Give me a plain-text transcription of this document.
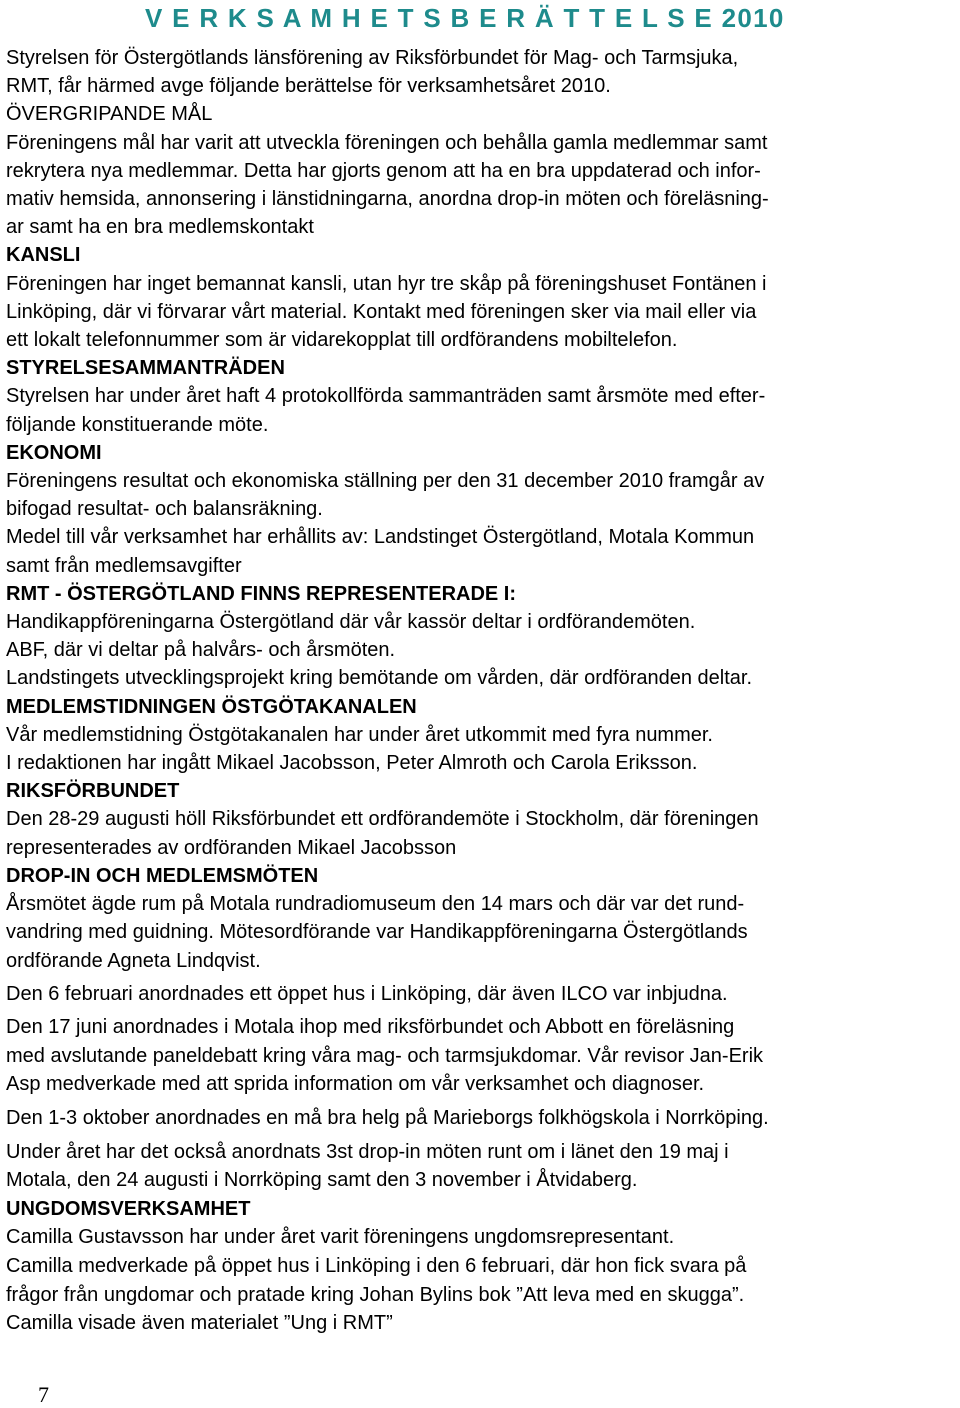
V E R K S A M H E T S B E R Ä T T E L S E 2010
Styrelsen för Östergötlands länsförening av Riksförbundet för Mag- och Tarmsjuka,
RMT, får härmed avge följande berättelse för verksamhetsåret 2010.
ÖVERGRIPANDE MÅL
Föreningens mål har varit att utveckla föreningen och behålla gamla medlemmar samt
rekrytera nya medlemmar. Detta har gjorts genom att ha en bra uppdaterad och infor-
mativ hemsida, annonsering i länstidningarna, anordna drop-in möten och föreläsning-
ar samt ha en bra medlemskontakt
KANSLI
Föreningen har inget bemannat kansli, utan hyr tre skåp på föreningshuset Fontänen i
Linköping, där vi förvarar vårt material. Kontakt med föreningen sker via mail eller via
ett lokalt telefonnummer som är vidarekopplat till ordförandens mobiltelefon.
STYRELSESAMMANTRÄDEN
Styrelsen har under året haft 4 protokollförda sammanträden samt årsmöte med efter-
följande konstituerande möte.
EKONOMI
Föreningens resultat och ekonomiska ställning per den 31 december 2010 framgår av
bifogad resultat- och balansräkning.
Medel till vår verksamhet har erhållits av: Landstinget Östergötland, Motala Kommun
samt från medlemsavgifter
RMT - ÖSTERGÖTLAND FINNS REPRESENTERADE I:
Handikappföreningarna Östergötland där vår kassör deltar i ordförandemöten.
ABF, där vi deltar på halvårs- och årsmöten.
Landstingets utvecklingsprojekt kring bemötande om vården, där ordföranden deltar.
MEDLEMSTIDNINGEN ÖSTGÖTAKANALEN
Vår medlemstidning Östgötakanalen har under året utkommit med fyra nummer.
I redaktionen har ingått Mikael Jacobsson, Peter Almroth och Carola Eriksson.
RIKSFÖRBUNDET
Den 28-29 augusti höll Riksförbundet ett ordförandemöte i Stockholm, där föreningen
representerades av ordföranden Mikael Jacobsson
DROP-IN OCH MEDLEMSMÖTEN
Årsmötet ägde rum på Motala rundradiomuseum den 14 mars och där var det rund-
vandring med guidning. Mötesordförande var Handikappföreningarna Östergötlands
ordförande Agneta Lindqvist.
Den 6 februari anordnades ett öppet hus i Linköping, där även ILCO var inbjudna.
Den 17 juni anordnades i Motala ihop med riksförbundet och Abbott en föreläsning
med avslutande paneldebatt kring våra mag- och tarmsjukdomar. Vår revisor Jan-Erik
Asp medverkade med att sprida information om vår verksamhet och diagnoser.
Den 1-3 oktober anordnades en må bra helg på Marieborgs folkhögskola i Norrköping.
Under året har det också anordnats 3st drop-in möten runt om i länet den 19 maj i
Motala, den 24 augusti i Norrköping samt den 3 november i Åtvidaberg.
UNGDOMSVERKSAMHET
Camilla Gustavsson har under året varit föreningens ungdomsrepresentant.
Camilla medverkade på öppet hus i Linköping i den 6 februari, där hon fick svara på
frågor från ungdomar och pratade kring Johan Bylins bok ”Att leva med en skugga”.
Camilla visade även materialet ”Ung i RMT”

7
